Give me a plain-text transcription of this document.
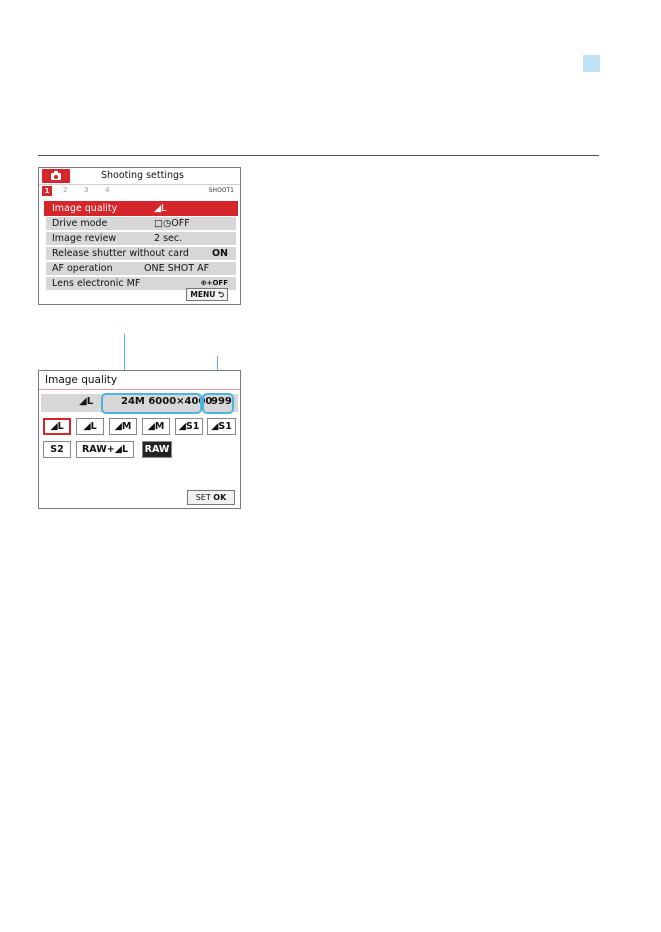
Shooting settings
1	2 3 4	SHOOT1
Image quality	◢L
Drive mode	□◷OFF
Image review	2 sec.
Release shutter without card ON
AF operation	ONE SHOT AF
Lens electronic MF	⊕+OFF
MENU ⮌
Image quality
◢L	24M 6000×4000
999
◢L	◢L	◢M	◢M	◢S1	◢S1
S2	RAW+◢L	RAW
SET OK
